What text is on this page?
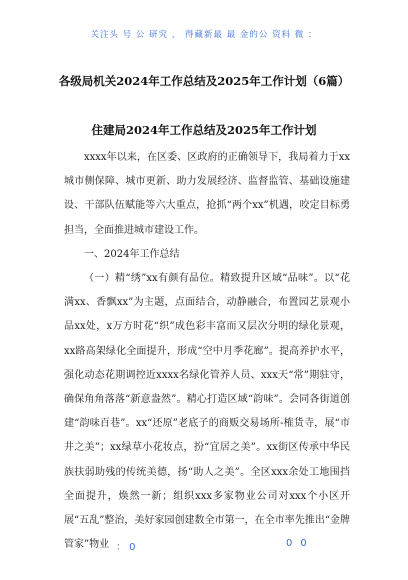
关注头 号 公 研究 ， 得藏新最 最 金的公 资料 微 ：
各级局机关2024年工作总结及2025年工作计划（6篇）
住建局2024年工作总结及2025年工作计划

xxxx年以来，在区委、区政府的正确领导下，我局着力于xx城市侧保障、城市更新、助力发展经济、监督监管、基础设施建设、干部队伍赋能等六大重点，抢抓“两个xx”机遇，咬定目标勇担当，全面推进城市建设工作。

一、2024年工作总结

（一）精“绣”xx有颜有品位。精致提升区域“品味”。以“花满xx、香飘xx”为主题，点面结合，动静融合，布置园艺景观小品xx处，x万方时花“织”成色彩丰富而又层次分明的绿化景观，xx路高架绿化全面提升，形成“空中月季花廊”。提高养护水平，强化动态花期调控近xxxx名绿化管养人员、xxx天“常”期驻守，确保角角落落“新意盎然”。精心打造区域“韵味”。会同各街道创建“韵味百巷”。xx“还原”老底子的商贩交易场所-榷货寺，展“市井之美”；xx绿草小花妆点，扮“宜居之美”。xx街区传承中华民族扶弱助残的传统美德，扬“助人之美”。全区xxx余处工地围挡全面提升，焕然一新；组织xxx多家物业公司对xxx个小区开展“五乱”整治，美好家园创建数全市第一，在全市率先推出“金牌管家”物业 ： 0	00
